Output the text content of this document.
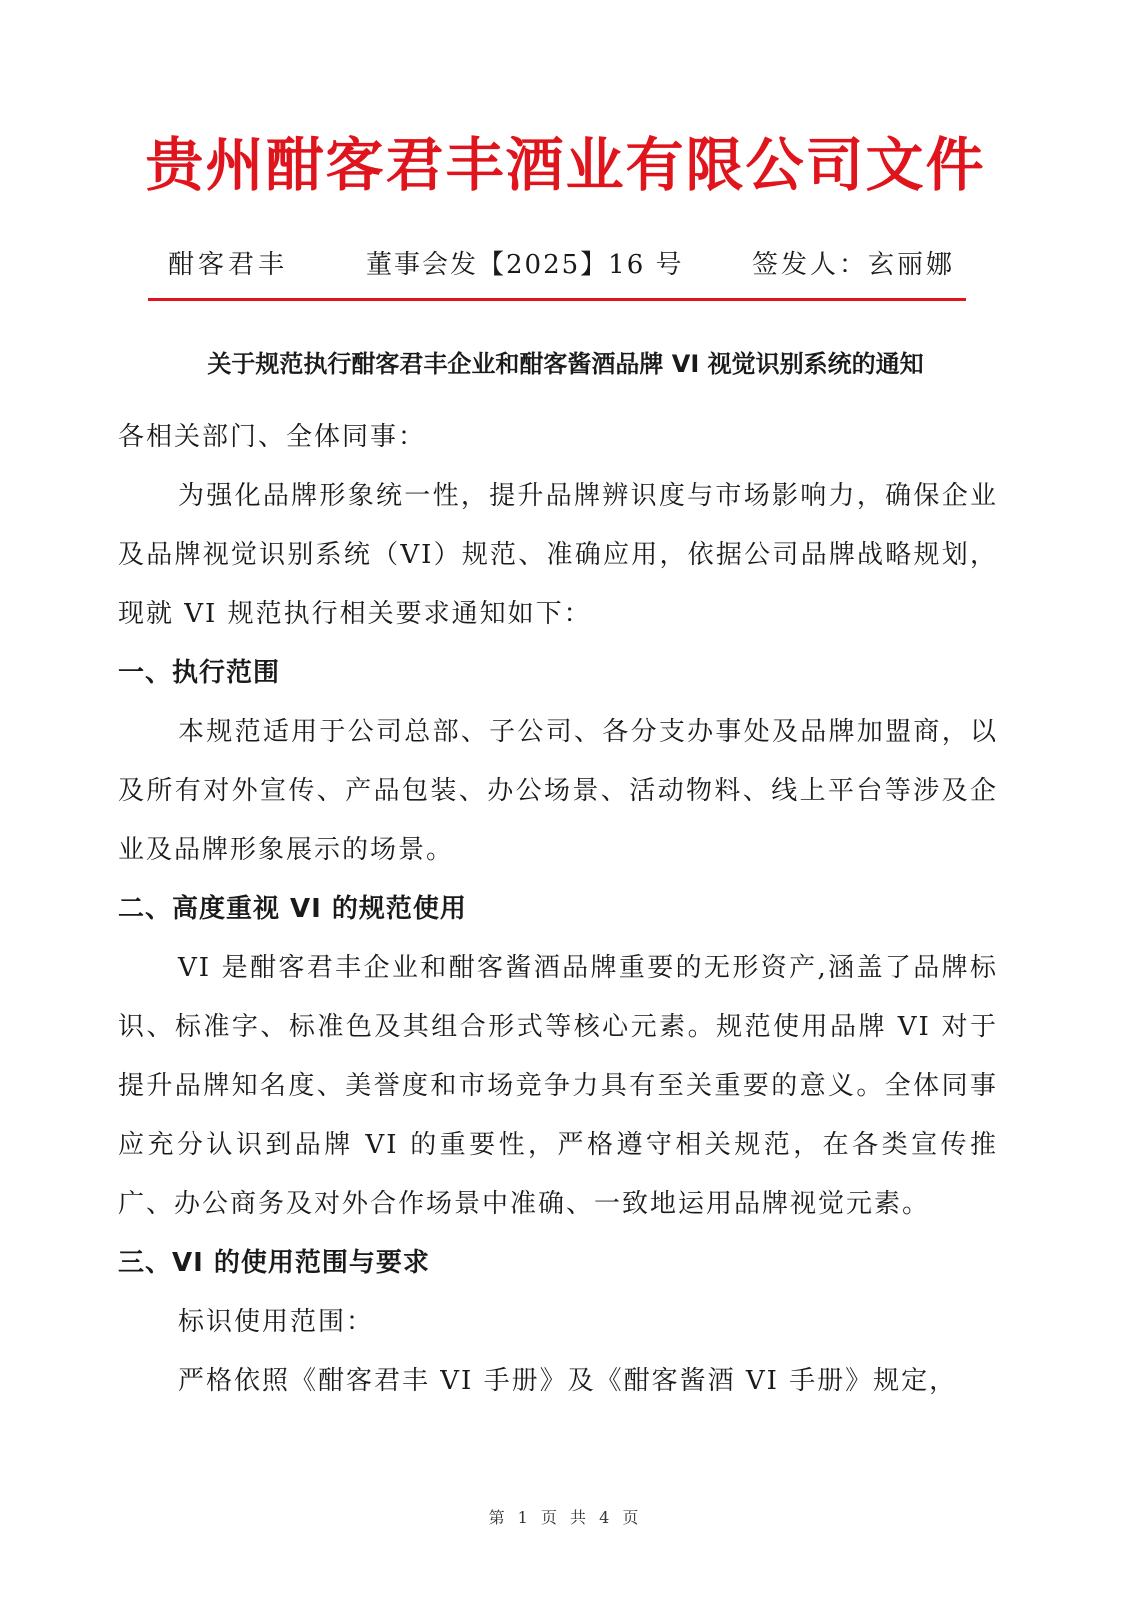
贵州酣客君丰酒业有限公司文件
酣客君丰	董事会发【2025】16 号	签发人：玄丽娜
关于规范执行酣客君丰企业和酣客酱酒品牌 VI 视觉识别系统的通知

各相关部门、全体同事：

为强化品牌形象统一性，提升品牌辨识度与市场影响力，确保企业及品牌视觉识别系统（VI）规范、准确应用，依据公司品牌战略规划，现就 VI 规范执行相关要求通知如下：

一、执行范围

本规范适用于公司总部、子公司、各分支办事处及品牌加盟商，以及所有对外宣传、产品包装、办公场景、活动物料、线上平台等涉及企业及品牌形象展示的场景。

二、高度重视 VI 的规范使用

VI 是酣客君丰企业和酣客酱酒品牌重要的无形资产,涵盖了品牌标识、标准字、标准色及其组合形式等核心元素。规范使用品牌 VI 对于提升品牌知名度、美誉度和市场竞争力具有至关重要的意义。全体同事应充分认识到品牌 VI 的重要性，严格遵守相关规范，在各类宣传推广、办公商务及对外合作场景中准确、一致地运用品牌视觉元素。

三、VI 的使用范围与要求

标识使用范围：

严格依照《酣客君丰 VI 手册》及《酣客酱酒 VI 手册》规定，

第 1 页 共 4 页
